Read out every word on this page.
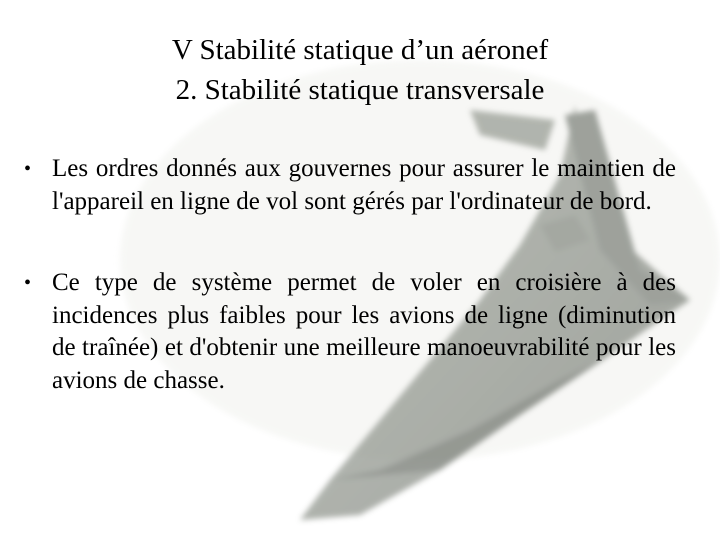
V Stabilité statique d’un aéronef
2. Stabilité statique transversale
• Les ordres donnés aux gouvernes pour assurer le maintien de l'appareil en ligne de vol sont gérés par l'ordinateur de bord.
• Ce type de système permet de voler en croisière à des incidences plus faibles pour les avions de ligne (diminution de traînée) et d'obtenir une meilleure manoeuvrabilité pour les avions de chasse.
